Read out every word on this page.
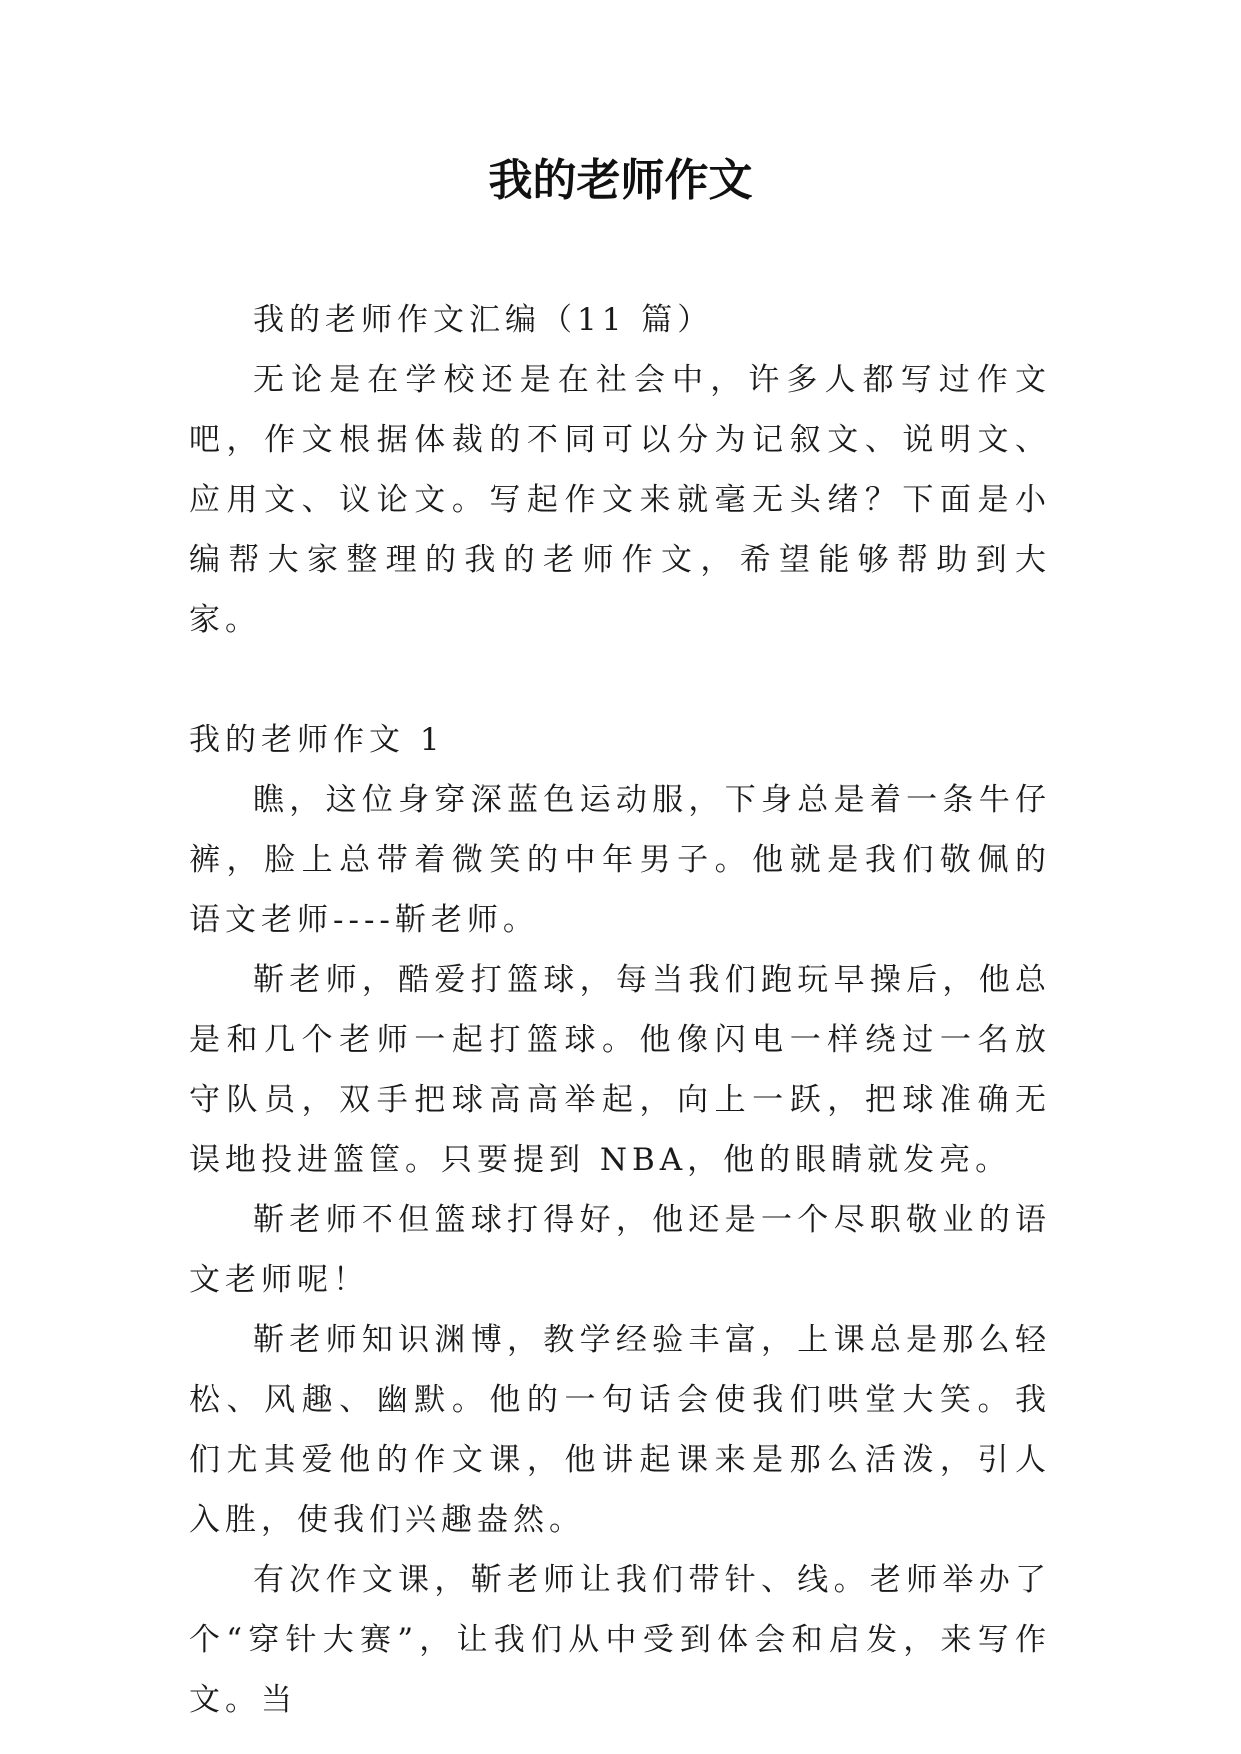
我的老师作文

我的老师作文汇编（11 篇）

无论是在学校还是在社会中，许多人都写过作文吧，作文根据体裁的不同可以分为记叙文、说明文、应用文、议论文。写起作文来就毫无头绪？下面是小编帮大家整理的我的老师作文，希望能够帮助到大家。

我的老师作文 1

瞧，这位身穿深蓝色运动服，下身总是着一条牛仔裤，脸上总带着微笑的中年男子。他就是我们敬佩的语文老师----靳老师。

靳老师，酷爱打篮球，每当我们跑玩早操后，他总是和几个老师一起打篮球。他像闪电一样绕过一名放守队员，双手把球高高举起，向上一跃，把球准确无误地投进篮筐。只要提到 NBA，他的眼睛就发亮。

靳老师不但篮球打得好，他还是一个尽职敬业的语文老师呢！

靳老师知识渊博，教学经验丰富，上课总是那么轻松、风趣、幽默。他的一句话会使我们哄堂大笑。我们尤其爱他的作文课，他讲起课来是那么活泼，引人入胜，使我们兴趣盎然。

有次作文课，靳老师让我们带针、线。老师举办了个“穿针大赛”，让我们从中受到体会和启发，来写作文。当
